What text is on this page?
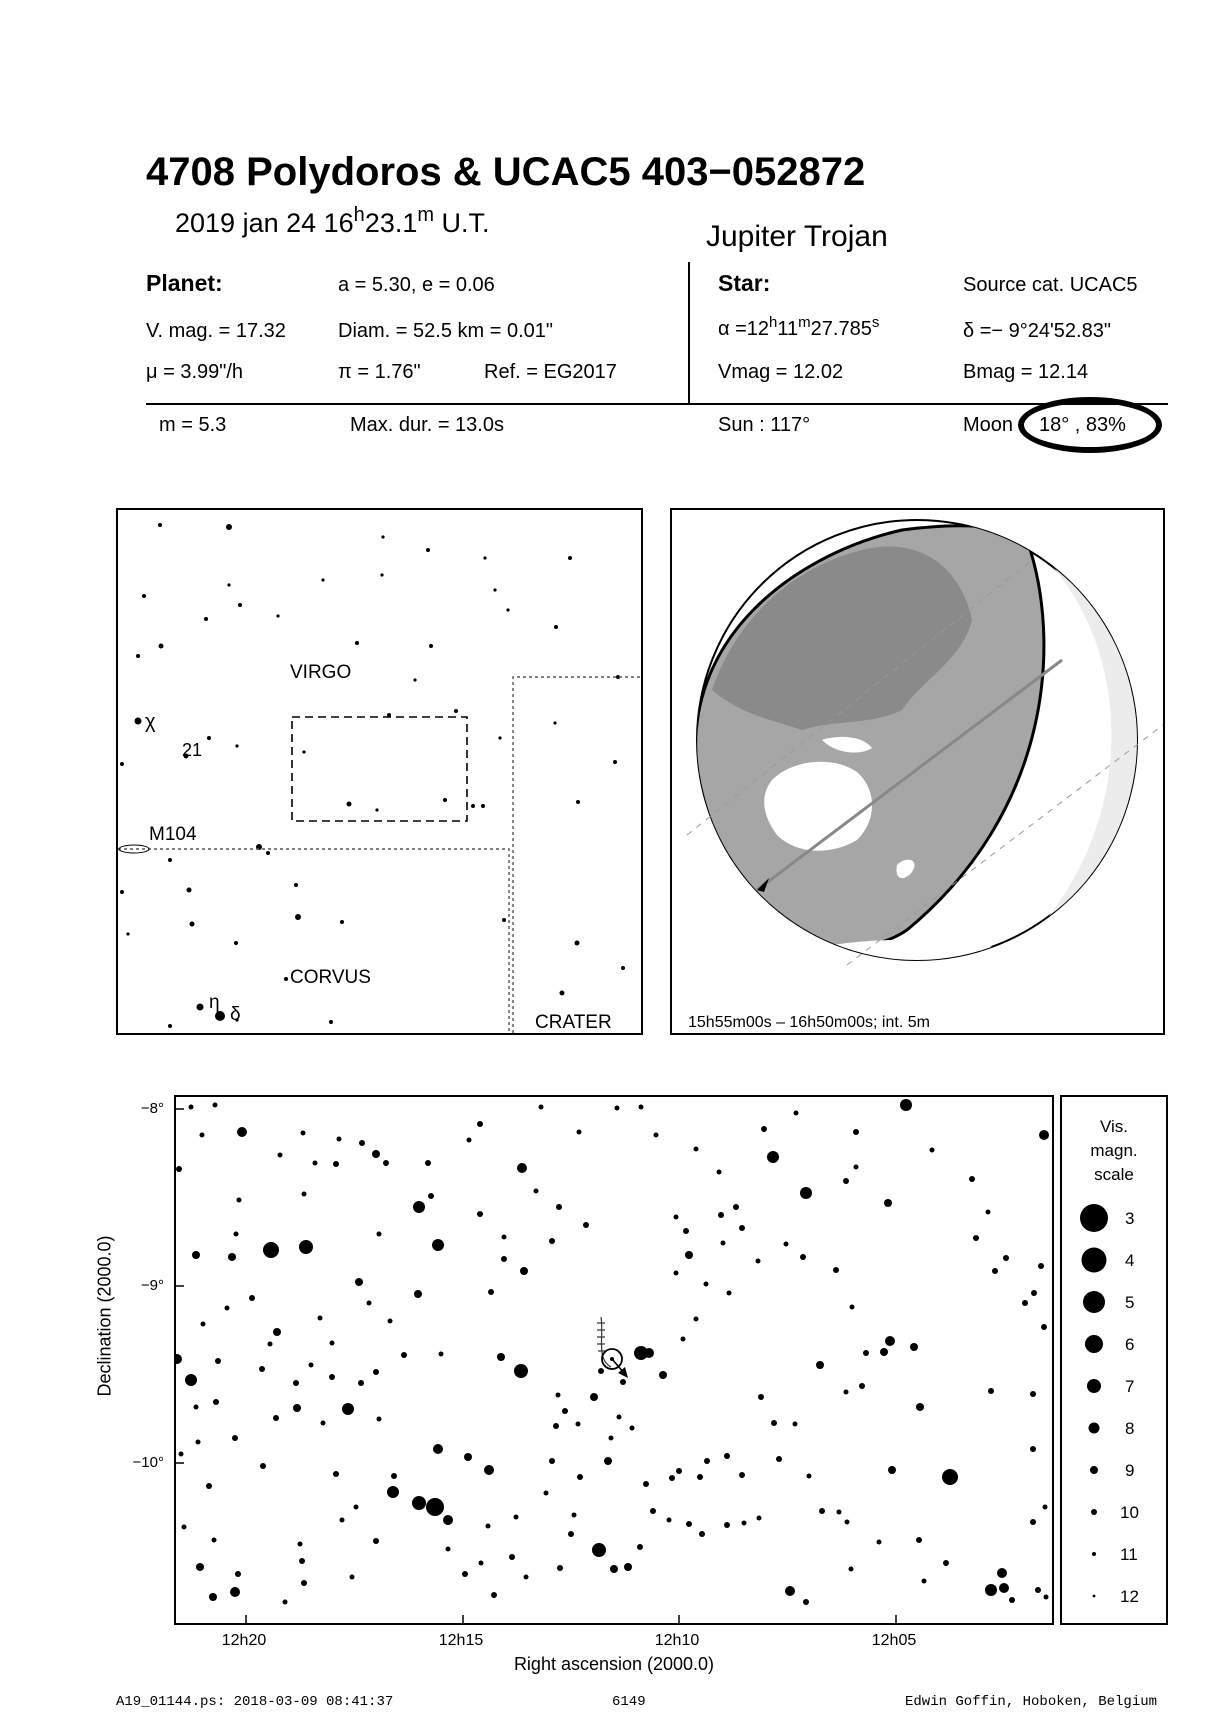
4708 Polydoros & UCAC5 403−052872
2019 jan 24 16$^h$23.1$^m$ U.T.	Jupiter Trojan
Planet:	a = 5.30, e = 0.06
V. mag. = 17.32	Diam. = 52.5 km = 0.01"
μ = 3.99"/h	π = 1.76"	Ref. = EG2017
Star:	Source cat. UCAC5
$\alpha =12^h11^m27.785^s$	δ =− 9°24'52.83"
Vmag = 12.02	Bmag = 12.14
m = 5.3	Max. dur. = 13.0s	Sun : 117°	Moon 18° , 83%
VIRGO
CORVUS
CRATER
M104
21
χ
η
δ	15h55m00s – 16h50m00s; int. 5m
Declination (2000.0)
−8°
−9°
−10°
12h20	12h15	12h10	12h05
Right ascension (2000.0)
Vis.
magn.
scale
3
4
5
6
7
8
9
10
11
12
A19_01144.ps: 2018-03-09 08:41:37	6149	Edwin Goffin, Hoboken, Belgium
